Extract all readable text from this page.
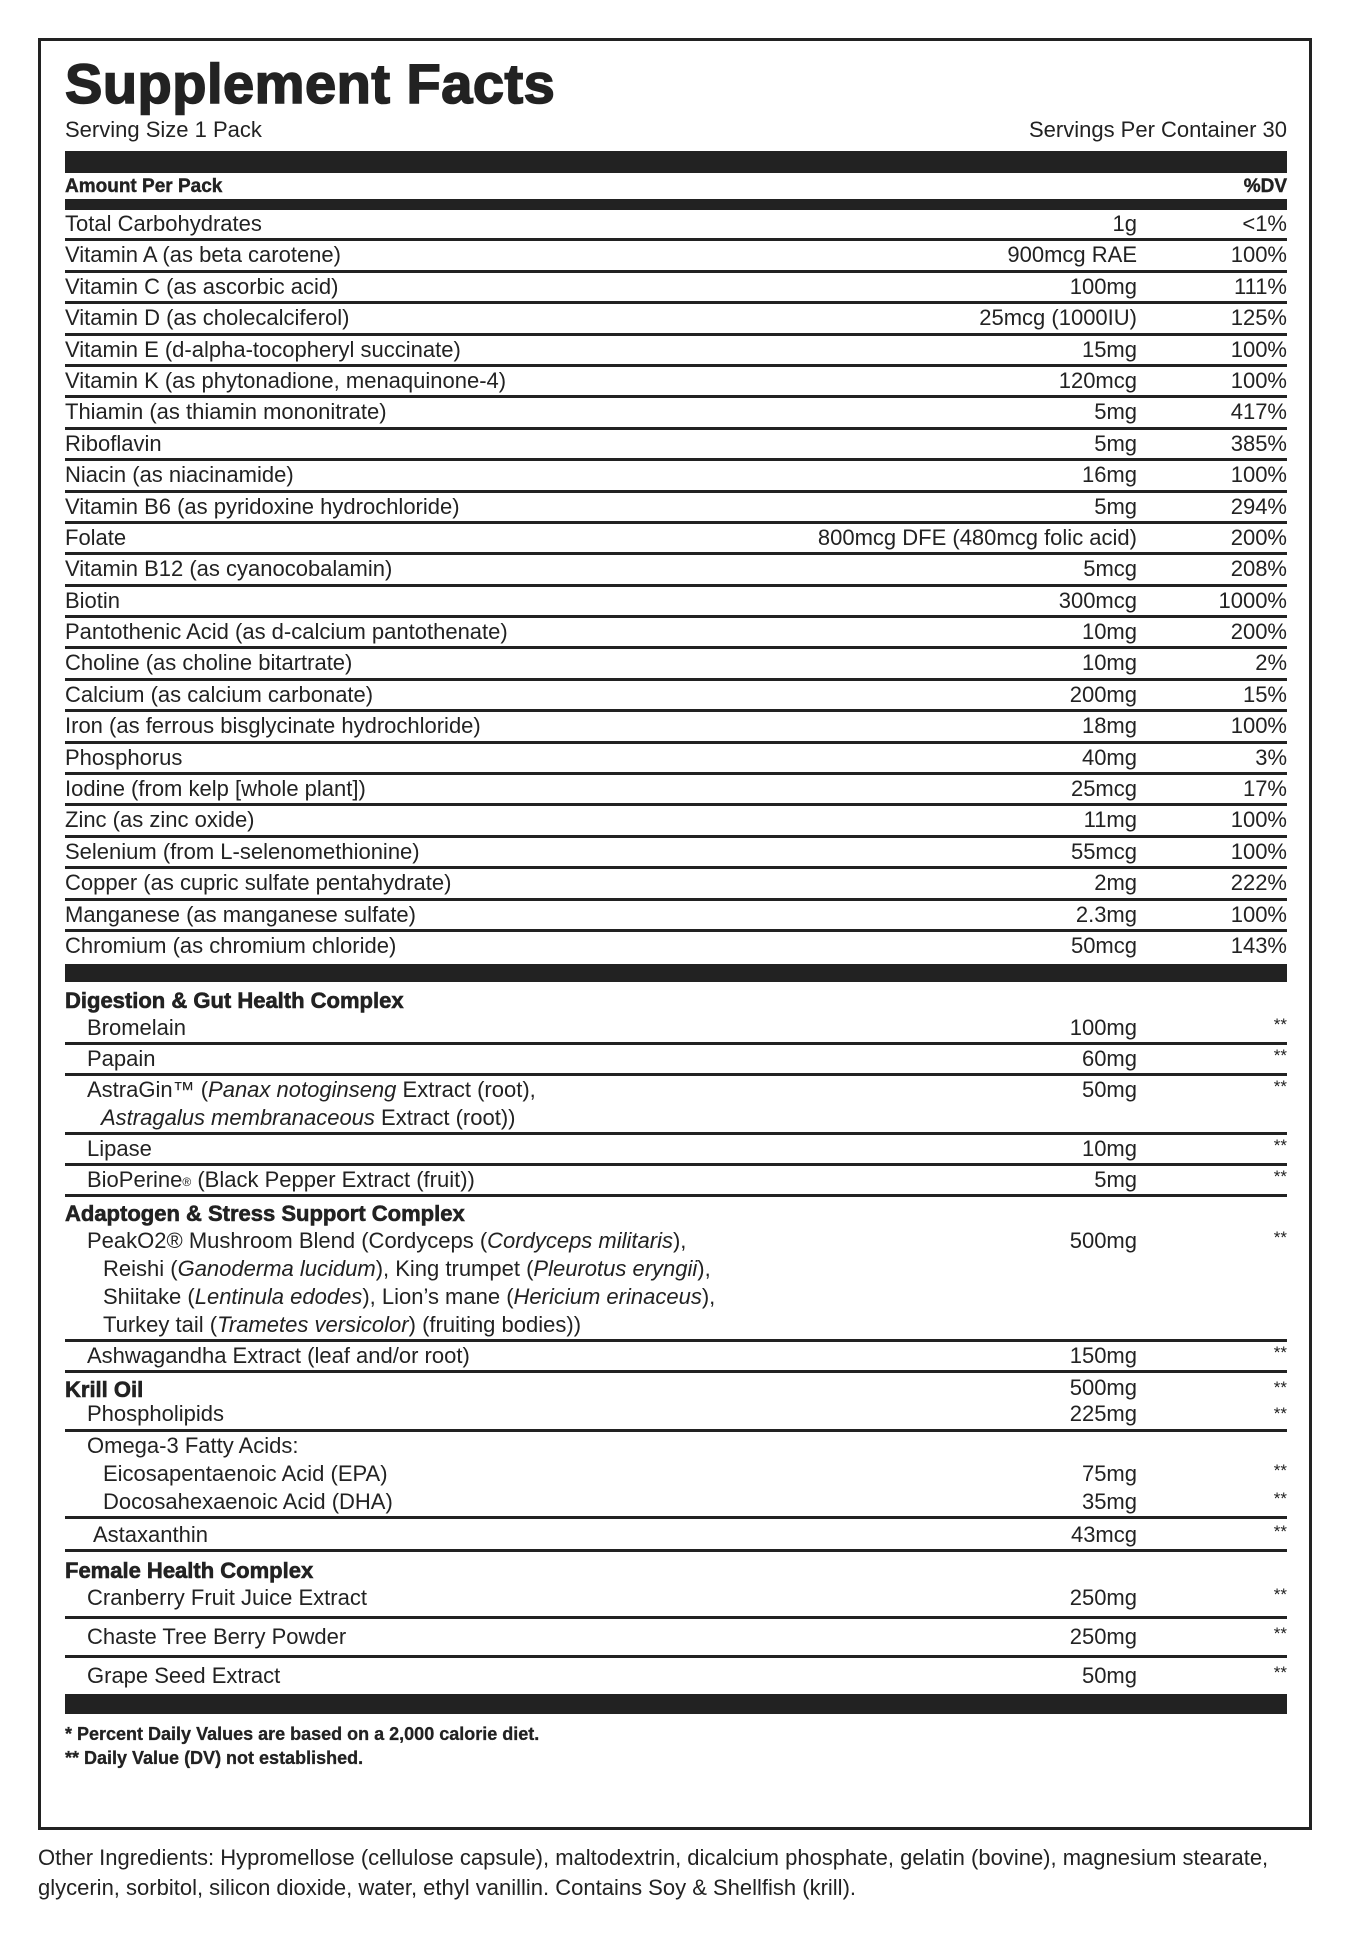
Supplement Facts
Serving Size 1 Pack	Servings Per Container 30
Amount Per Pack	%DV
Total Carbohydrates	1g	<1%
Vitamin A (as beta carotene)	900mcg RAE	100%
Vitamin C (as ascorbic acid)	100mg	111%
Vitamin D (as cholecalciferol)	25mcg (1000IU)	125%
Vitamin E (d-alpha-tocopheryl succinate)	15mg	100%
Vitamin K (as phytonadione, menaquinone-4)	120mcg	100%
Thiamin (as thiamin mononitrate)	5mg	417%
Riboflavin	5mg	385%
Niacin (as niacinamide)	16mg	100%
Vitamin B6 (as pyridoxine hydrochloride)	5mg	294%
Folate	800mcg DFE (480mcg folic acid)	200%
Vitamin B12 (as cyanocobalamin)	5mcg	208%
Biotin	300mcg	1000%
Pantothenic Acid (as d-calcium pantothenate)	10mg	200%
Choline (as choline bitartrate)	10mg	2%
Calcium (as calcium carbonate)	200mg	15%
Iron (as ferrous bisglycinate hydrochloride)	18mg	100%
Phosphorus	40mg	3%
Iodine (from kelp [whole plant])	25mcg	17%
Zinc (as zinc oxide)	11mg	100%
Selenium (from L-selenomethionine)	55mcg	100%
Copper (as cupric sulfate pentahydrate)	2mg	222%
Manganese (as manganese sulfate)	2.3mg	100%
Chromium (as chromium chloride)	50mcg	143%
Digestion & Gut Health Complex
Bromelain	100mg	**
Papain	60mg	**
AstraGin™ (Panax notoginseng Extract (root),
Astragalus membranaceous Extract (root))
50mg	**
Lipase	10mg	**
BioPerine® (Black Pepper Extract (fruit))	5mg	**
Adaptogen & Stress Support Complex
PeakO2® Mushroom Blend (Cordyceps (Cordyceps militaris),
Reishi (Ganoderma lucidum), King trumpet (Pleurotus eryngii),
Shiitake (Lentinula edodes), Lion’s mane (Hericium erinaceus),
Turkey tail (Trametes versicolor) (fruiting bodies))
500mg	**
Ashwagandha Extract (leaf and/or root)	150mg	**
Krill Oil	500mg	**
Phospholipids	225mg	**
Omega-3 Fatty Acids:
Eicosapentaenoic Acid (EPA)	75mg	**
Docosahexaenoic Acid (DHA)	35mg	**
Astaxanthin	43mcg	**
Female Health Complex
Cranberry Fruit Juice Extract	250mg	**
Chaste Tree Berry Powder	250mg	**
Grape Seed Extract	50mg	**
* Percent Daily Values are based on a 2,000 calorie diet.
** Daily Value (DV) not established.
Other Ingredients: Hypromellose (cellulose capsule), maltodextrin, dicalcium phosphate, gelatin (bovine), magnesium stearate, glycerin, sorbitol, silicon dioxide, water, ethyl vanillin. Contains Soy & Shellfish (krill).
